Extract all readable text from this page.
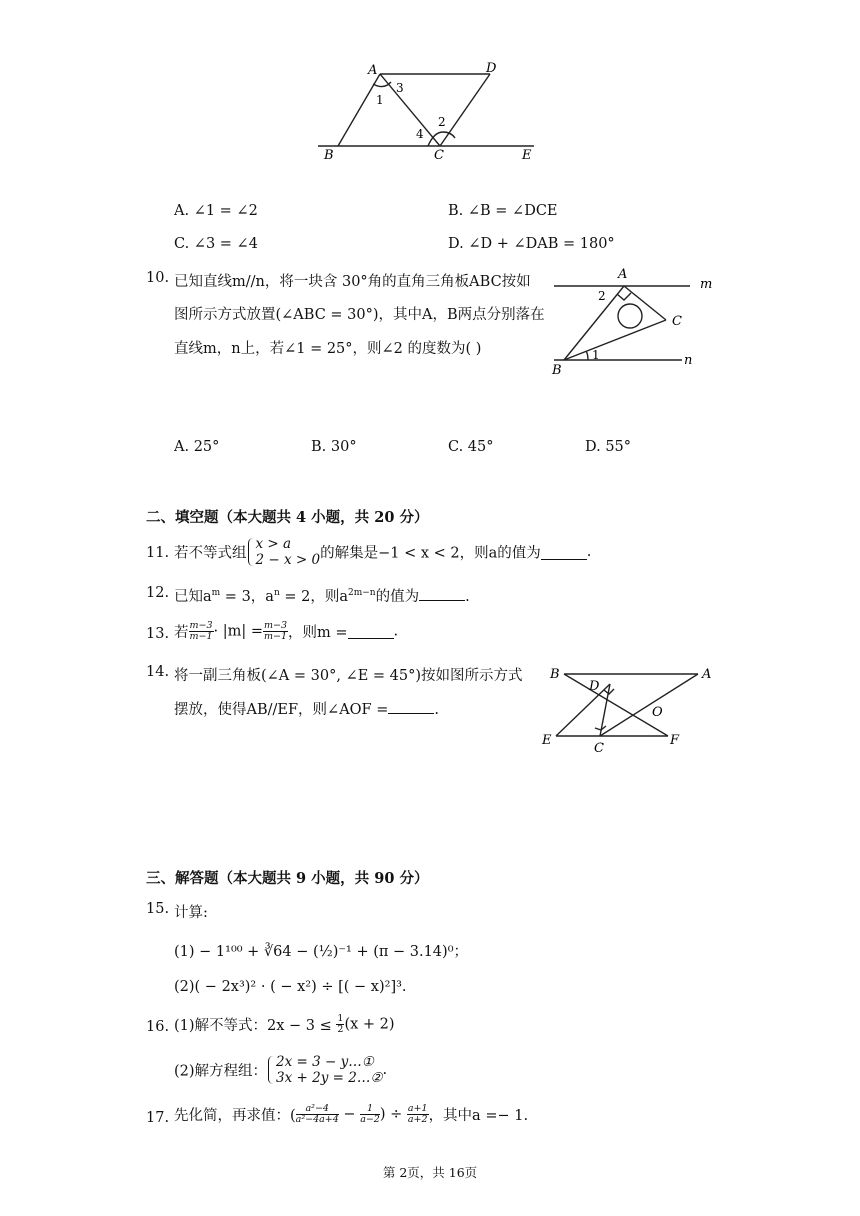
A	D
B	C	E
1
3
2
4
A. ∠1 = ∠2	B. ∠B = ∠DCE
C. ∠3 = ∠4	D. ∠D + ∠DAB = 180°
10. 已知直线m//n，将一块含 30°角的直角三角板ABC按如
图所示方式放置(∠ABC = 30°)，其中A，B两点分别落在
直线m，n上，若∠1 = 25°，则∠2 的度数为( )
A
m
C
n
B
1
2
A. 25°	B. 30°	C. 45°	D. 55°
二、填空题（本大题共 4 小题，共 20 分）
11. 若不等式组
x > a
2 − x > 0 的解集是−1 < x < 2，则a的值为	.
12. 已知$a^m = 3$，$a^n = 2$，则$a^{2m-n}$的值为	.
13. 若 $\frac{m-3}{m-1} \cdot |m| = \frac{m-3}{m-1}$ ，则m =	.
14. 将一副三角板(∠A = 30°, ∠E = 45°)按如图所示方式
摆放，使得AB//EF，则∠AOF =	.
B	A
D
O
E
C
F
三、解答题（本大题共 9 小题，共 90 分）
15. 计算:
(1) − 1¹⁰⁰ + ∛64 − (½)⁻¹ + (π − 3.14)⁰；
(2)( − 2x³)² · ( − x²) ÷ [( − x)²]³.
16. (1)解不等式：$2x - 3 \le \frac{1}{2} (x + 2)$
(2)解方程组：
2x = 3 − y…①
3x + 2y = 2…② .
17. 先化简，再求值：( $\frac{\text{a²−4}}{\text{a²−4a+4}} - \frac{1}{a-2}$ ) ÷ $\frac{a+1}{a+2}$ ，其中a =− 1.
第 2页，共 16页
